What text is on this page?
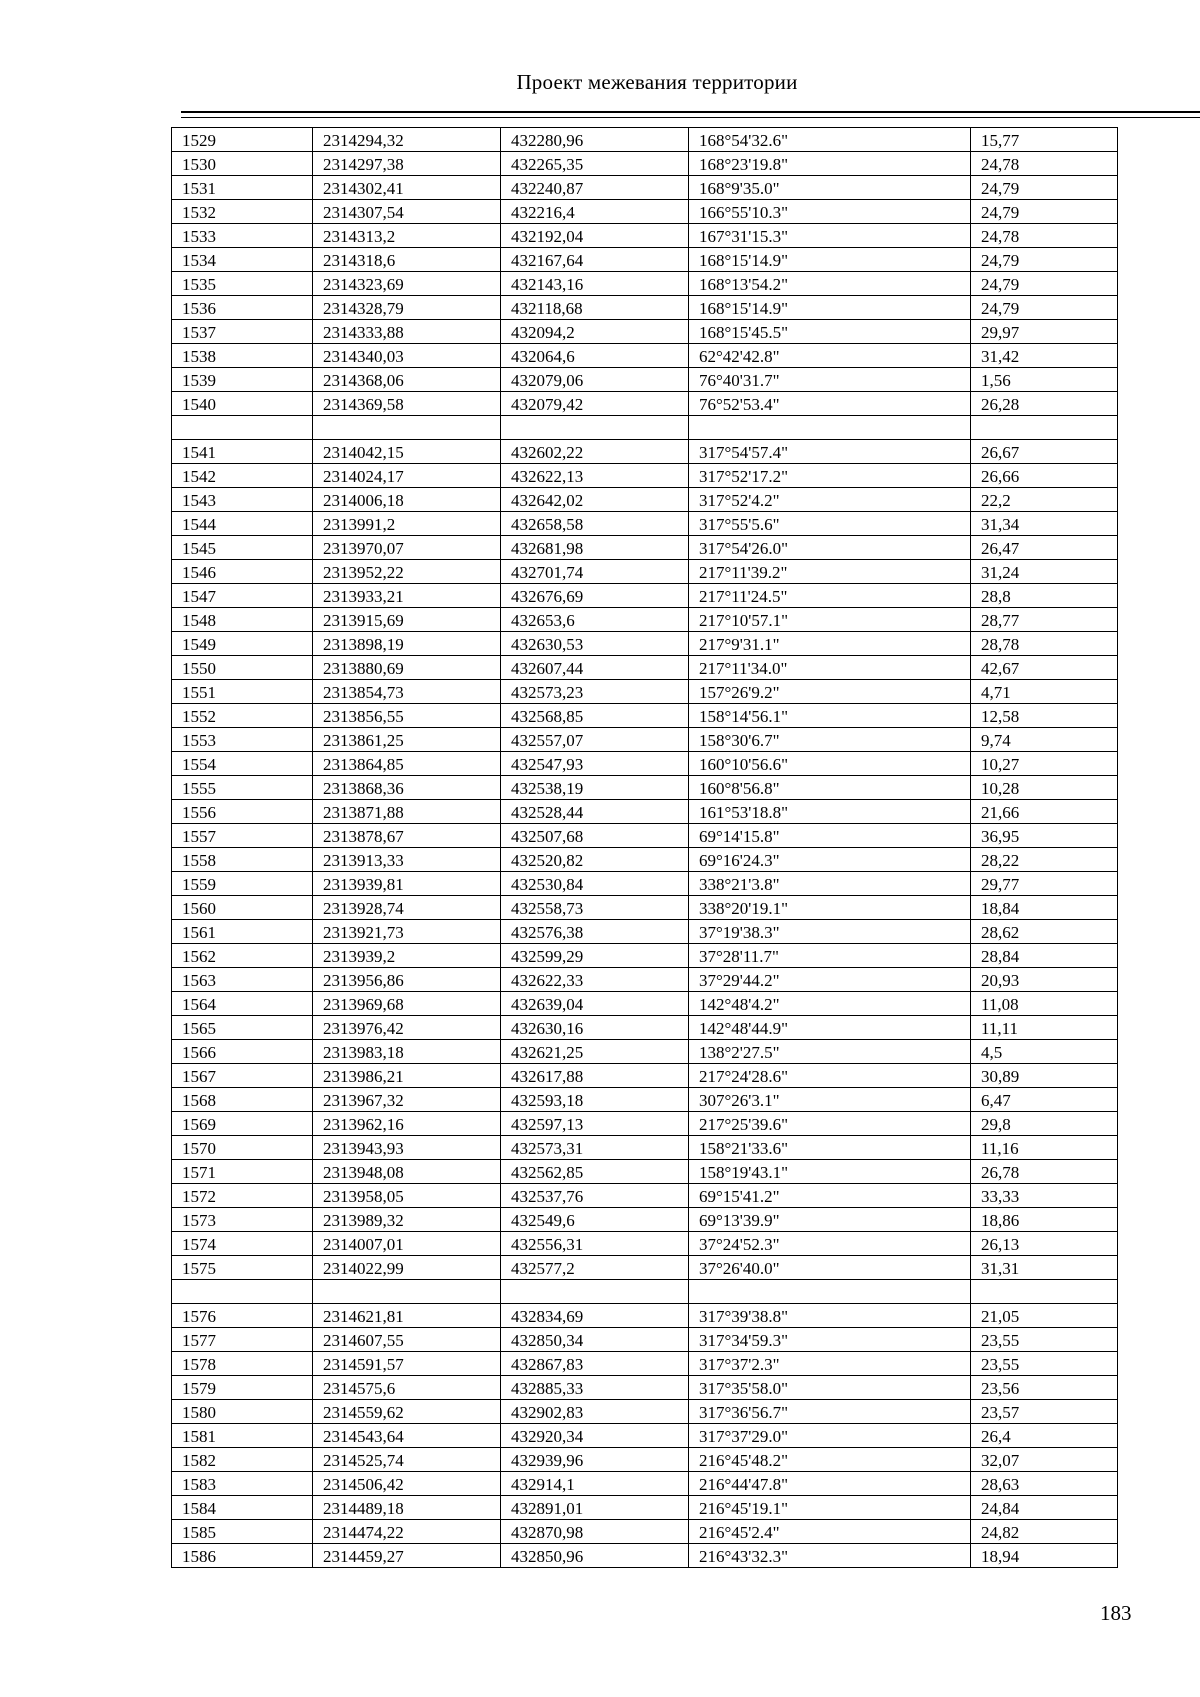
Проект межевания территории
1529	2314294,32	432280,96	168°54'32.6"	15,77
1530	2314297,38	432265,35	168°23'19.8"	24,78
1531	2314302,41	432240,87	168°9'35.0"	24,79
1532	2314307,54	432216,4	166°55'10.3"	24,79
1533	2314313,2	432192,04	167°31'15.3"	24,78
1534	2314318,6	432167,64	168°15'14.9"	24,79
1535	2314323,69	432143,16	168°13'54.2"	24,79
1536	2314328,79	432118,68	168°15'14.9"	24,79
1537	2314333,88	432094,2	168°15'45.5"	29,97
1538	2314340,03	432064,6	62°42'42.8"	31,42
1539	2314368,06	432079,06	76°40'31.7"	1,56
1540	2314369,58	432079,42	76°52'53.4"	26,28

1541	2314042,15	432602,22	317°54'57.4"	26,67
1542	2314024,17	432622,13	317°52'17.2"	26,66
1543	2314006,18	432642,02	317°52'4.2"	22,2
1544	2313991,2	432658,58	317°55'5.6"	31,34
1545	2313970,07	432681,98	317°54'26.0"	26,47
1546	2313952,22	432701,74	217°11'39.2"	31,24
1547	2313933,21	432676,69	217°11'24.5"	28,8
1548	2313915,69	432653,6	217°10'57.1"	28,77
1549	2313898,19	432630,53	217°9'31.1"	28,78
1550	2313880,69	432607,44	217°11'34.0"	42,67
1551	2313854,73	432573,23	157°26'9.2"	4,71
1552	2313856,55	432568,85	158°14'56.1"	12,58
1553	2313861,25	432557,07	158°30'6.7"	9,74
1554	2313864,85	432547,93	160°10'56.6"	10,27
1555	2313868,36	432538,19	160°8'56.8"	10,28
1556	2313871,88	432528,44	161°53'18.8"	21,66
1557	2313878,67	432507,68	69°14'15.8"	36,95
1558	2313913,33	432520,82	69°16'24.3"	28,22
1559	2313939,81	432530,84	338°21'3.8"	29,77
1560	2313928,74	432558,73	338°20'19.1"	18,84
1561	2313921,73	432576,38	37°19'38.3"	28,62
1562	2313939,2	432599,29	37°28'11.7"	28,84
1563	2313956,86	432622,33	37°29'44.2"	20,93
1564	2313969,68	432639,04	142°48'4.2"	11,08
1565	2313976,42	432630,16	142°48'44.9"	11,11
1566	2313983,18	432621,25	138°2'27.5"	4,5
1567	2313986,21	432617,88	217°24'28.6"	30,89
1568	2313967,32	432593,18	307°26'3.1"	6,47
1569	2313962,16	432597,13	217°25'39.6"	29,8
1570	2313943,93	432573,31	158°21'33.6"	11,16
1571	2313948,08	432562,85	158°19'43.1"	26,78
1572	2313958,05	432537,76	69°15'41.2"	33,33
1573	2313989,32	432549,6	69°13'39.9"	18,86
1574	2314007,01	432556,31	37°24'52.3"	26,13
1575	2314022,99	432577,2	37°26'40.0"	31,31

1576	2314621,81	432834,69	317°39'38.8"	21,05
1577	2314607,55	432850,34	317°34'59.3"	23,55
1578	2314591,57	432867,83	317°37'2.3"	23,55
1579	2314575,6	432885,33	317°35'58.0"	23,56
1580	2314559,62	432902,83	317°36'56.7"	23,57
1581	2314543,64	432920,34	317°37'29.0"	26,4
1582	2314525,74	432939,96	216°45'48.2"	32,07
1583	2314506,42	432914,1	216°44'47.8"	28,63
1584	2314489,18	432891,01	216°45'19.1"	24,84
1585	2314474,22	432870,98	216°45'2.4"	24,82
1586	2314459,27	432850,96	216°43'32.3"	18,94
183
